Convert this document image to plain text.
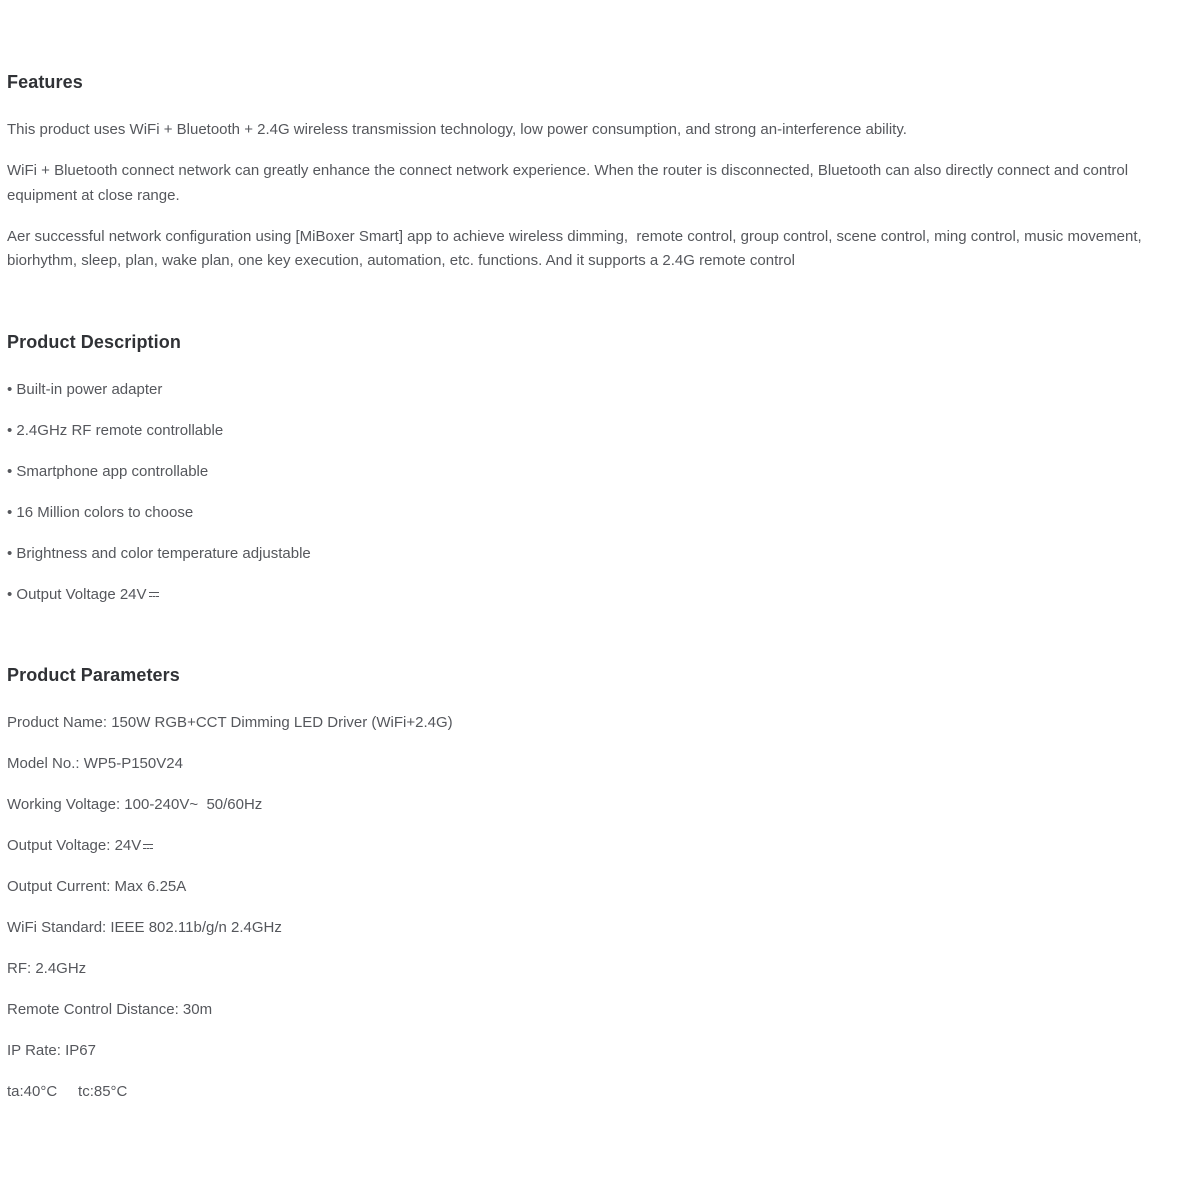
Features

This product uses WiFi + Bluetooth + 2.4G wireless transmission technology, low power consumption, and strong an-interference ability.

WiFi + Bluetooth connect network can greatly enhance the connect network experience. When the router is disconnected, Bluetooth can also directly connect and control equipment at close range.

Aer successful network configuration using [MiBoxer Smart] app to achieve wireless dimming,  remote control, group control, scene control, ming control, music movement, biorhythm, sleep, plan, wake plan, one key execution, automation, etc. functions. And it supports a 2.4G remote control

Product Description

• Built-in power adapter

• 2.4GHz RF remote controllable

• Smartphone app controllable

• 16 Million colors to choose

• Brightness and color temperature adjustable

• Output Voltage 24V

Product Parameters

Product Name: 150W RGB+CCT Dimming LED Driver (WiFi+2.4G)

Model No.: WP5-P150V24

Working Voltage: 100-240V~  50/60Hz

Output Voltage: 24V

Output Current: Max 6.25A

WiFi Standard: IEEE 802.11b/g/n 2.4GHz

RF: 2.4GHz

Remote Control Distance: 30m

IP Rate: IP67

ta:40°C     tc:85°C
